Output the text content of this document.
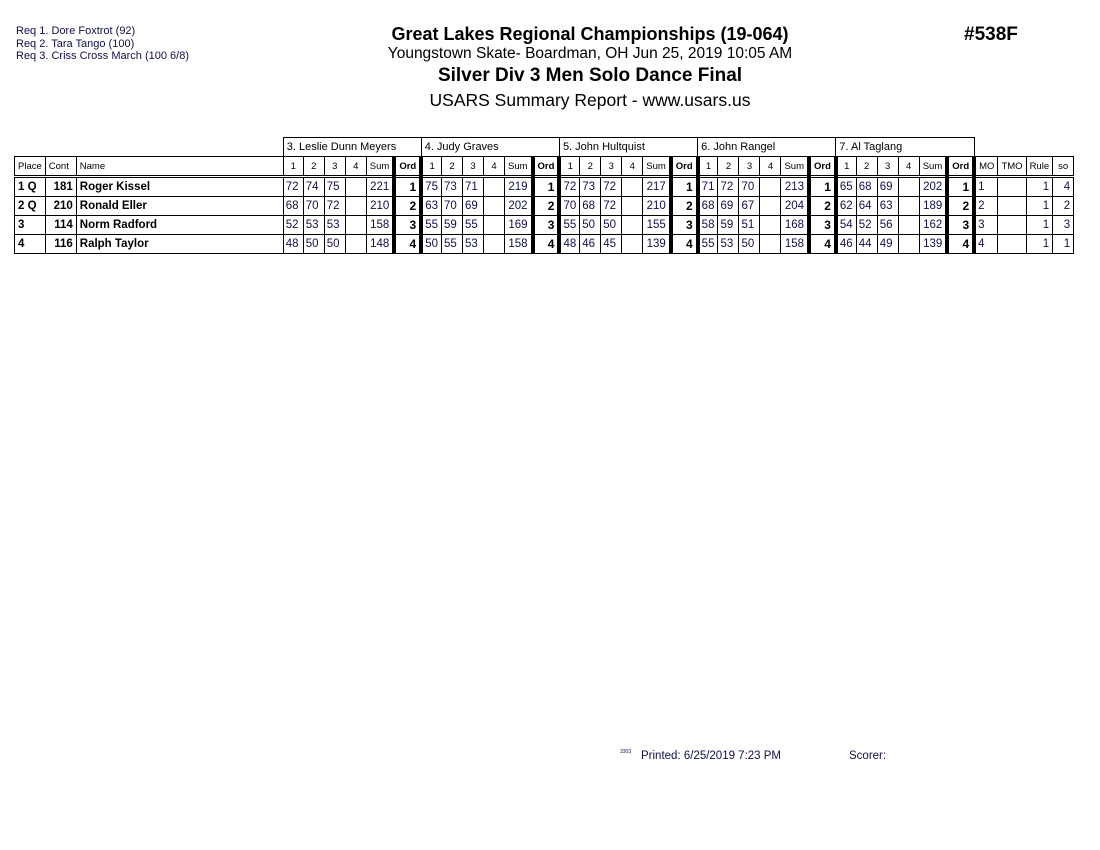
Req 1. Dore Foxtrot (92)
Req 2. Tara Tango (100)
Req 3. Criss Cross March (100 6/8)
Great Lakes Regional Championships (19-064)
Youngstown Skate- Boardman, OH Jun 25, 2019 10:05 AM
Silver Div 3 Men Solo Dance Final
USARS Summary Report - www.usars.us
#538F
			3. Leslie Dunn Meyers						4. Judy Graves						5. John Hultquist						6. John Rangel						7. Al Taglang									
Place	Cont	Name	1	2	3	4	Sum	Ord	1	2	3	4	Sum	Ord	1	2	3	4	Sum	Ord	1	2	3	4	Sum	Ord	1	2	3	4	Sum	Ord	MO	TMO	Rule	so
1 Q	181	Roger Kissel	72	74	75		221	1	75	73	71		219	1	72	73	72		217	1	71	72	70		213	1	65	68	69		202	1	1		1	4
2 Q	210	Ronald Eller	68	70	72		210	2	63	70	69		202	2	70	68	72		210	2	68	69	67		204	2	62	64	63		189	2	2		1	2
3	114	Norm Radford	52	53	53		158	3	55	59	55		169	3	55	50	50		155	3	58	59	51		168	3	54	52	56		162	3	3		1	3
4	116	Ralph Taylor	48	50	50		148	4	50	55	53		158	4	48	46	45		139	4	55	53	50		158	4	46	44	49		139	4	4		1	1
3303 Printed: 6/25/2019 7:23 PM	Scorer:
